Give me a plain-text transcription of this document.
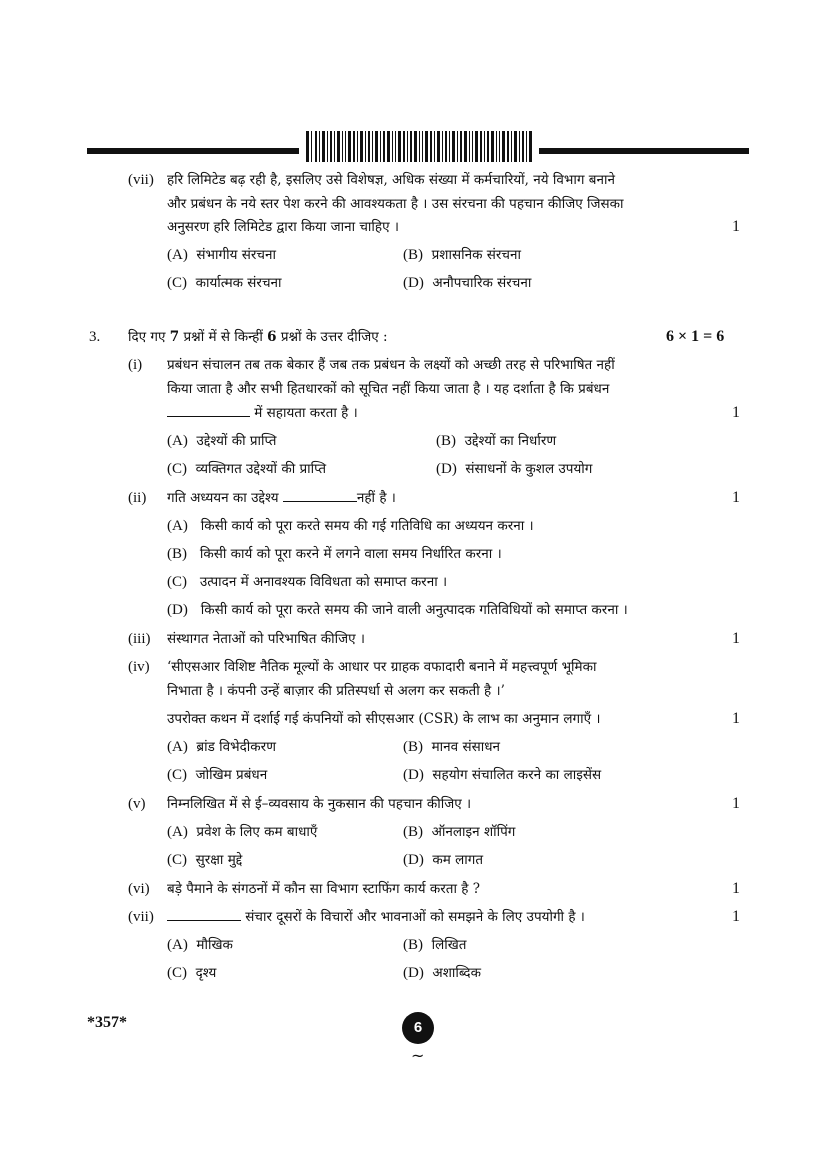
(vii) हरि लिमिटेड बढ़ रही है, इसलिए उसे विशेषज्ञ, अधिक संख्या में कर्मचारियों, नये विभाग बनाने
और प्रबंधन के नये स्तर पेश करने की आवश्यकता है । उस संरचना की पहचान कीजिए जिसका
अनुसरण हरि लिमिटेड द्वारा किया जाना चाहिए ।	1
(A) संभागीय संरचना	(B) प्रशासनिक संरचना
(C) कार्यात्मक संरचना	(D) अनौपचारिक संरचना
3. दिए गए 7 प्रश्नों में से किन्हीं 6 प्रश्नों के उत्तर दीजिए :	6 × 1 = 6
(i) प्रबंधन संचालन तब तक बेकार हैं जब तक प्रबंधन के लक्ष्यों को अच्छी तरह से परिभाषित नहीं
किया जाता है और सभी हितधारकों को सूचित नहीं किया जाता है । यह दर्शाता है कि प्रबंधन
में सहायता करता है ।	1
(A) उद्देश्यों की प्राप्ति	(B) उद्देश्यों का निर्धारण
(C) व्यक्तिगत उद्देश्यों की प्राप्ति	(D) संसाधनों के कुशल उपयोग
(ii) गति अध्ययन का उद्देश्य	नहीं है ।	1
(A) किसी कार्य को पूरा करते समय की गई गतिविधि का अध्ययन करना ।
(B) किसी कार्य को पूरा करने में लगने वाला समय निर्धारित करना ।
(C) उत्पादन में अनावश्यक विविधता को समाप्त करना ।
(D) किसी कार्य को पूरा करते समय की जाने वाली अनुत्पादक गतिविधियों को समाप्त करना ।
(iii) संस्थागत नेताओं को परिभाषित कीजिए ।	1
(iv) ‘सीएसआर विशिष्ट नैतिक मूल्यों के आधार पर ग्राहक वफादारी बनाने में महत्त्वपूर्ण भूमिका
निभाता है । कंपनी उन्हें बाज़ार की प्रतिस्पर्धा से अलग कर सकती है ।’
उपरोक्त कथन में दर्शाई गई कंपनियों को सीएसआर (CSR) के लाभ का अनुमान लगाएँ ।	1
(A) ब्रांड विभेदीकरण	(B) मानव संसाधन
(C) जोखिम प्रबंधन	(D) सहयोग संचालित करने का लाइसेंस
(v) निम्नलिखित में से ई–व्यवसाय के नुकसान की पहचान कीजिए ।	1
(A) प्रवेश के लिए कम बाधाएँ	(B) ऑनलाइन शॉपिंग
(C) सुरक्षा मुद्दे	(D) कम लागत
(vi) बड़े पैमाने के संगठनों में कौन सा विभाग स्टाफिंग कार्य करता है ?	1
(vii)	संचार दूसरों के विचारों और भावनाओं को समझने के लिए उपयोगी है ।	1
(A) मौखिक	(B) लिखित
(C) दृश्य	(D) अशाब्दिक
*357*	6
~
